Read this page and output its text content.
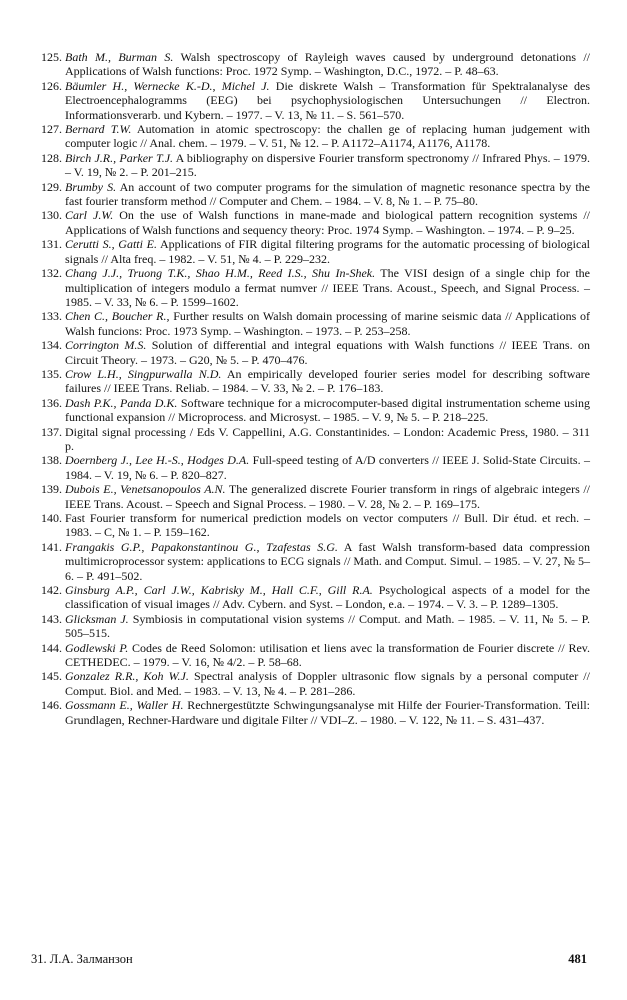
125. Bath M., Burman S. Walsh spectroscopy of Rayleigh waves caused by underground detonations // Applications of Walsh functions: Proc. 1972 Symp. – Washington, D.C., 1972. – P. 48–63.

126. Bäumler H., Wernecke K.-D., Michel J. Die diskrete Walsh – Transformation für Spektralanalyse des Electroencephalogramms (EEG) bei psychophysiologischen Untersuchungen // Electron. Informationsverarb. und Kybern. – 1977. – V. 13, № 11. – S. 561–570.

127. Bernard T.W. Automation in atomic spectroscopy: the challen ge of replacing human judgement with computer logic // Anal. chem. – 1979. – V. 51, № 12. – P. A1172–A1174, A1176, A1178.

128. Birch J.R., Parker T.J. A bibliography on dispersive Fourier transform spectronomy // Infrared Phys. – 1979. – V. 19, № 2. – P. 201–215.

129. Brumby S. An account of two computer programs for the simulation of magnetic resonance spectra by the fast fourier transform method // Computer and Chem. – 1984. – V. 8, № 1. – P. 75–80.

130. Carl J.W. On the use of Walsh functions in mane-made and biological pattern recognition systems // Applications of Walsh functions and sequency theory: Proc. 1974 Symp. – Washington. – 1974. – P. 9–25.

131. Cerutti S., Gatti E. Applications of FIR digital filtering programs for the automatic processing of biological signals // Alta freq. – 1982. – V. 51, № 4. – P. 229–232.

132. Chang J.J., Truong T.K., Shao H.M., Reed I.S., Shu In-Shek. The VISI design of a single chip for the multiplication of integers modulo a fermat numver // IEEE Trans. Acoust., Speech, and Signal Process. – 1985. – V. 33, № 6. – P. 1599–1602.

133. Chen C., Boucher R., Further results on Walsh domain processing of marine seismic data // Applications of Walsh funcions: Proc. 1973 Symp. – Washington. – 1973. – P. 253–258.

134. Corrington M.S. Solution of differential and integral equations with Walsh functions // IEEE Trans. on Circuit Theory. – 1973. – G20, № 5. – P. 470–476.

135. Crow L.H., Singpurwalla N.D. An empirically developed fourier series model for describing software failures // IEEE Trans. Reliab. – 1984. – V. 33, № 2. – P. 176–183.

136. Dash P.K., Panda D.K. Software technique for a microcomputer-based digital instrumentation scheme using functional expansion // Microprocess. and Microsyst. – 1985. – V. 9, № 5. – P. 218–225.

137. Digital signal processing / Eds V. Cappellini, A.G. Constantinides. – London: Academic Press, 1980. – 311 p.

138. Doernberg J., Lee H.-S., Hodges D.A. Full-speed testing of A/D converters // IEEE J. Solid-State Circuits. – 1984. – V. 19, № 6. – P. 820–827.

139. Dubois E., Venetsanopoulos A.N. The generalized discrete Fourier transform in rings of algebraic integers // IEEE Trans. Acoust. – Speech and Signal Process. – 1980. – V. 28, № 2. – P. 169–175.

140. Fast Fourier transform for numerical prediction models on vector computers // Bull. Dir étud. et rech. – 1983. – C, № 1. – P. 159–162.

141. Frangakis G.P., Papakonstantinou G., Tzafestas S.G. A fast Walsh transform-based data compression multimicroprocessor system: applications to ECG signals // Math. and Comput. Simul. – 1985. – V. 27, № 5–6. – P. 491–502.

142. Ginsburg A.P., Carl J.W., Kabrisky M., Hall C.F., Gill R.A. Psychological aspects of a model for the classification of visual images // Adv. Cybern. and Syst. – London, e.a. – 1974. – V. 3. – P. 1289–1305.

143. Glicksman J. Symbiosis in computational vision systems // Comput. and Math. – 1985. – V. 11, № 5. – P. 505–515.

144. Godlewski P. Codes de Reed Solomon: utilisation et liens avec la transformation de Fourier discrete // Rev. CETHEDEC. – 1979. – V. 16, № 4/2. – P. 58–68.

145. Gonzalez R.R., Koh W.J. Spectral analysis of Doppler ultrasonic flow signals by a personal computer // Comput. Biol. and Med. – 1983. – V. 13, № 4. – P. 281–286.

146. Gossmann E., Waller H. Rechnergestützte Schwingungsanalyse mit Hilfe der Fourier-Transformation. Teill: Grundlagen, Rechner-Hardware und digitale Filter // VDI–Z. – 1980. – V. 122, № 11. – S. 431–437.

31. Л.А. Залманзон	481
